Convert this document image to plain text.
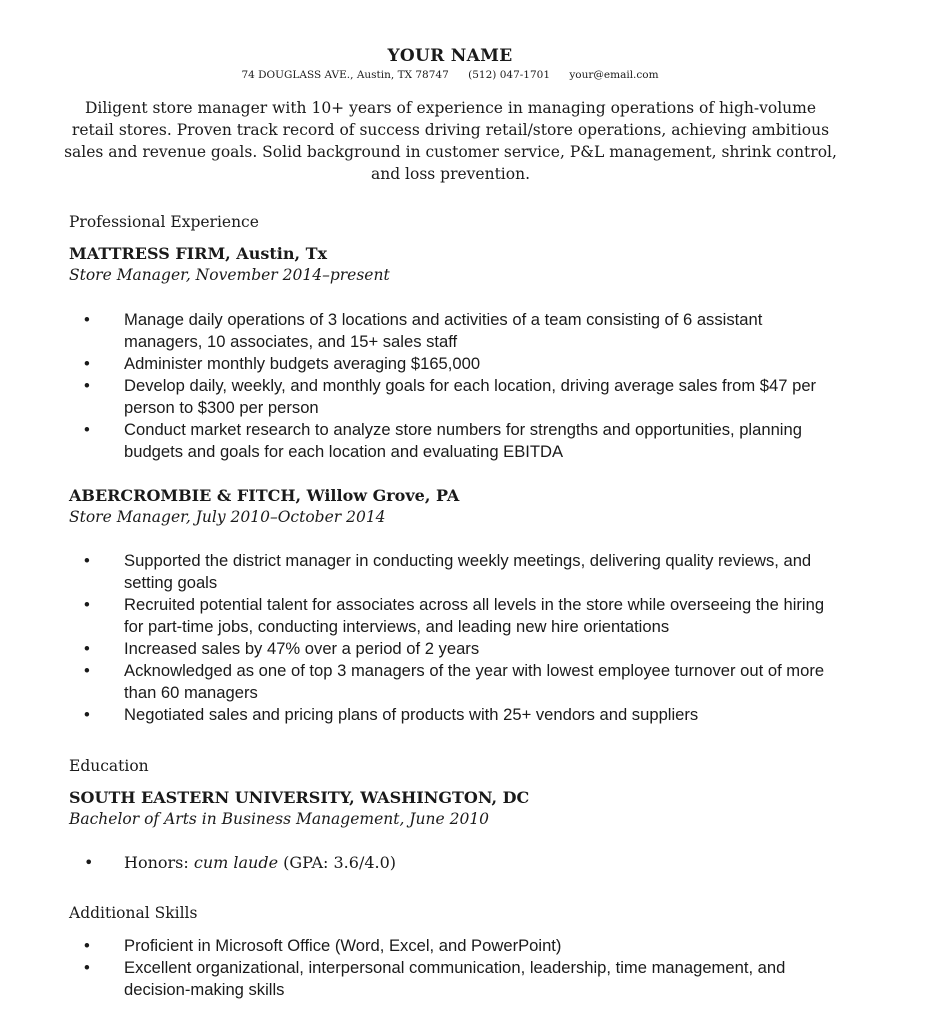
YOUR NAME
74 DOUGLASS AVE., Austin, TX 78747 (512) 047-1701 your@email.com
Diligent store manager with 10+ years of experience in managing operations of high-volume retail stores. Proven track record of success driving retail/store operations, achieving ambitious sales and revenue goals. Solid background in customer service, P&L management, shrink control, and loss prevention.
Professional Experience
MATTRESS FIRM, Austin, Tx
Store Manager, November 2014–present
• Manage daily operations of 3 locations and activities of a team consisting of 6 assistant managers, 10 associates, and 15+ sales staff
• Administer monthly budgets averaging $165,000
• Develop daily, weekly, and monthly goals for each location, driving average sales from $47 per person to $300 per person
• Conduct market research to analyze store numbers for strengths and opportunities, planning budgets and goals for each location and evaluating EBITDA
ABERCROMBIE & FITCH, Willow Grove, PA
Store Manager, July 2010–October 2014
• Supported the district manager in conducting weekly meetings, delivering quality reviews, and setting goals
• Recruited potential talent for associates across all levels in the store while overseeing the hiring for part-time jobs, conducting interviews, and leading new hire orientations
• Increased sales by 47% over a period of 2 years
• Acknowledged as one of top 3 managers of the year with lowest employee turnover out of more than 60 managers
• Negotiated sales and pricing plans of products with 25+ vendors and suppliers
Education
SOUTH EASTERN UNIVERSITY, WASHINGTON, DC
Bachelor of Arts in Business Management, June 2010
• Honors: cum laude (GPA: 3.6/4.0)
Additional Skills
• Proficient in Microsoft Office (Word, Excel, and PowerPoint)
• Excellent organizational, interpersonal communication, leadership, time management, and decision-making skills
